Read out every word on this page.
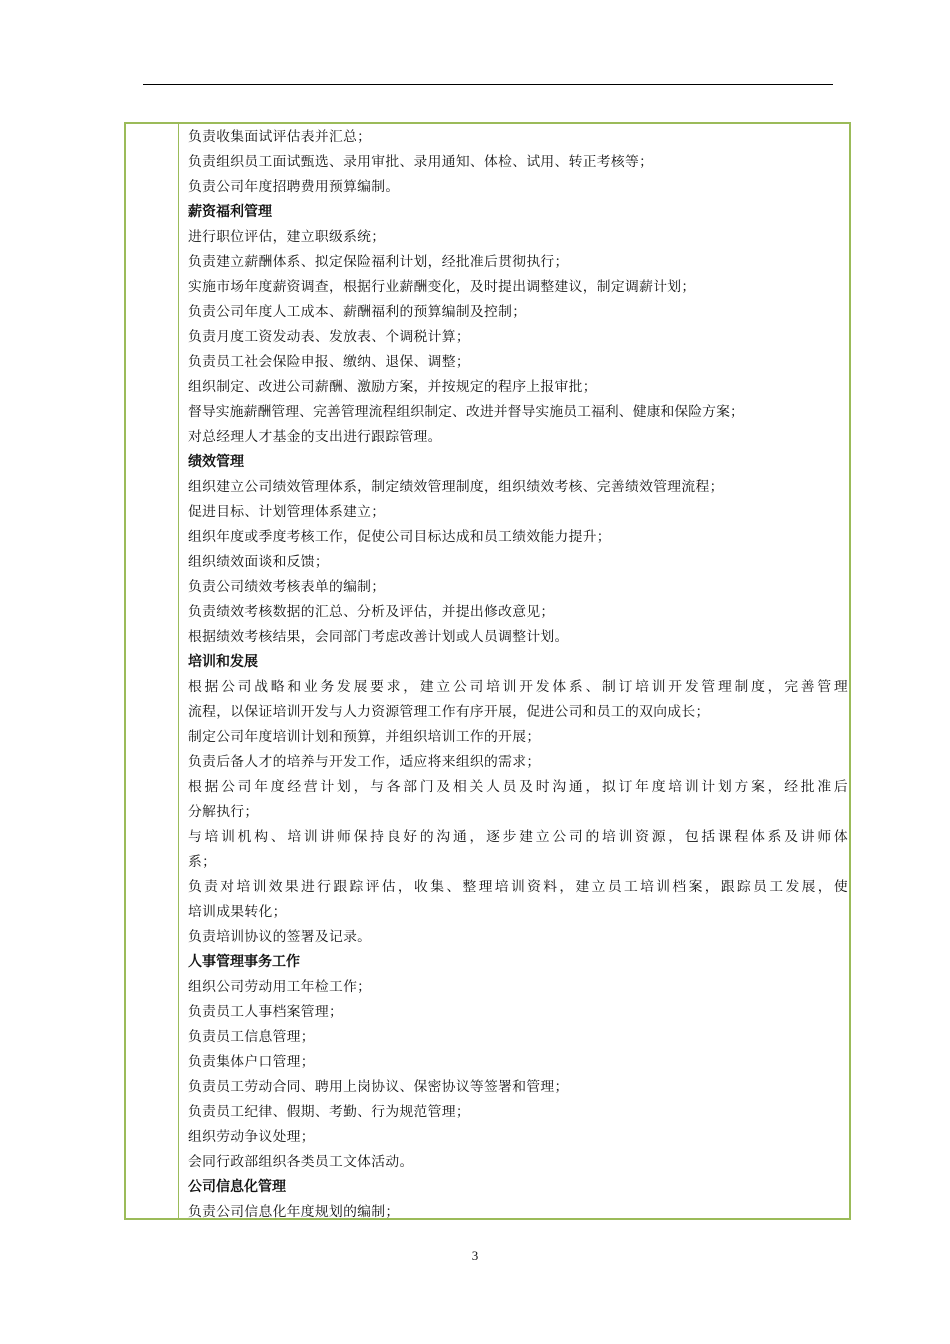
负责收集面试评估表并汇总；
负责组织员工面试甄选、录用审批、录用通知、体检、试用、转正考核等；
负责公司年度招聘费用预算编制。
薪资福利管理
进行职位评估，建立职级系统；
负责建立薪酬体系、拟定保险福利计划，经批准后贯彻执行；
实施市场年度薪资调查，根据行业薪酬变化，及时提出调整建议，制定调薪计划；
负责公司年度人工成本、薪酬福利的预算编制及控制；
负责月度工资发动表、发放表、个调税计算；
负责员工社会保险申报、缴纳、退保、调整；
组织制定、改进公司薪酬、激励方案，并按规定的程序上报审批；
督导实施薪酬管理、完善管理流程组织制定、改进并督导实施员工福利、健康和保险方案；
对总经理人才基金的支出进行跟踪管理。
绩效管理
组织建立公司绩效管理体系，制定绩效管理制度，组织绩效考核、完善绩效管理流程；
促进目标、计划管理体系建立；
组织年度或季度考核工作，促使公司目标达成和员工绩效能力提升；
组织绩效面谈和反馈；
负责公司绩效考核表单的编制；
负责绩效考核数据的汇总、分析及评估，并提出修改意见；
根据绩效考核结果，会同部门考虑改善计划或人员调整计划。
培训和发展
根据公司战略和业务发展要求，建立公司培训开发体系、制订培训开发管理制度，完善管理
流程，以保证培训开发与人力资源管理工作有序开展，促进公司和员工的双向成长；
制定公司年度培训计划和预算，并组织培训工作的开展；
负责后备人才的培养与开发工作，适应将来组织的需求；
根据公司年度经营计划，与各部门及相关人员及时沟通，拟订年度培训计划方案，经批准后
分解执行；
与培训机构、培训讲师保持良好的沟通，逐步建立公司的培训资源，包括课程体系及讲师体
系；
负责对培训效果进行跟踪评估，收集、整理培训资料，建立员工培训档案，跟踪员工发展，使
培训成果转化；
负责培训协议的签署及记录。
人事管理事务工作
组织公司劳动用工年检工作；
负责员工人事档案管理；
负责员工信息管理；
负责集体户口管理；
负责员工劳动合同、聘用上岗协议、保密协议等签署和管理；
负责员工纪律、假期、考勤、行为规范管理；
组织劳动争议处理；
会同行政部组织各类员工文体活动。
公司信息化管理
负责公司信息化年度规划的编制；
3
